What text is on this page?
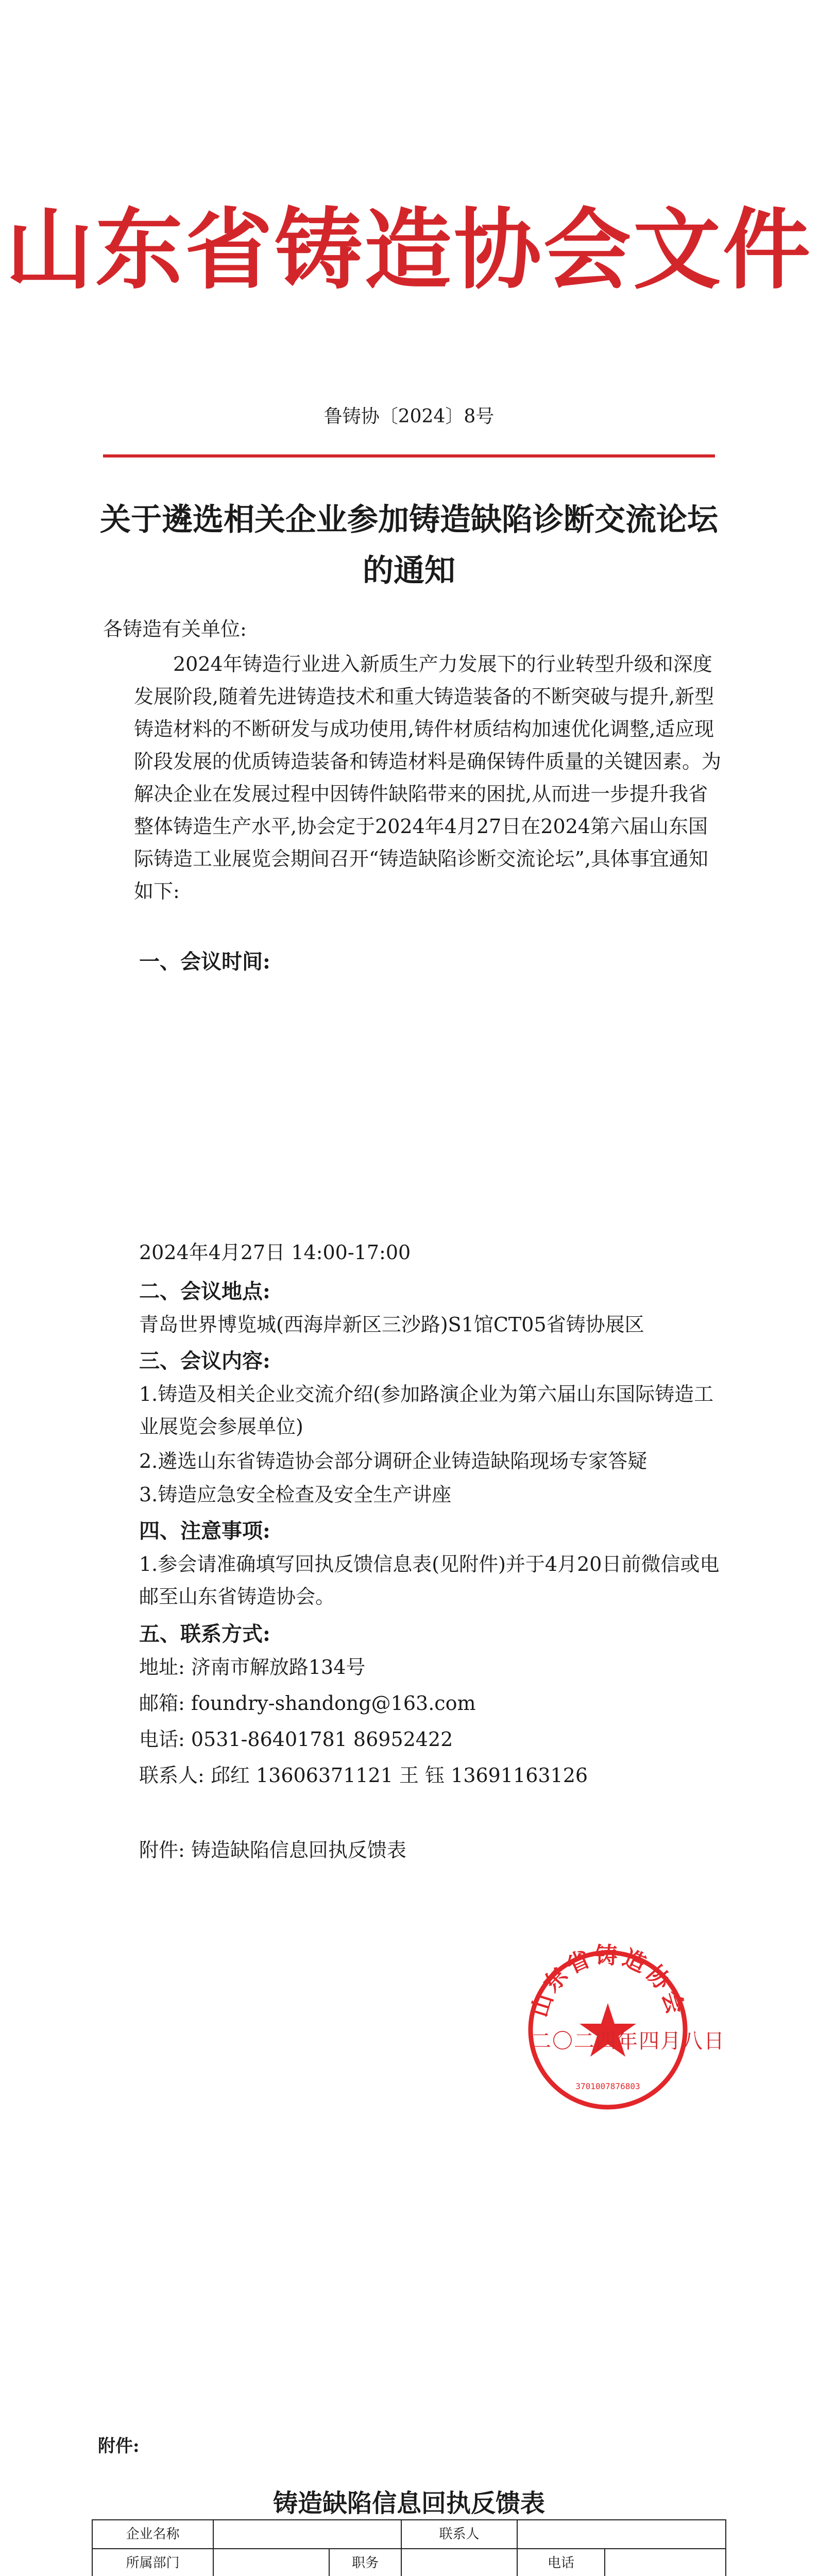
山东省铸造协会文件
鲁铸协〔2024〕8号
关于遴选相关企业参加铸造缺陷诊断交流论坛
的通知
各铸造有关单位:
2024年铸造行业进入新质生产力发展下的行业转型升级和深度发展阶段,随着先进铸造技术和重大铸造装备的不断突破与提升,新型铸造材料的不断研发与成功使用,铸件材质结构加速优化调整,适应现阶段发展的优质铸造装备和铸造材料是确保铸件质量的关键因素。为解决企业在发展过程中因铸件缺陷带来的困扰,从而进一步提升我省整体铸造生产水平,协会定于2024年4月27日在2024第六届山东国际铸造工业展览会期间召开“铸造缺陷诊断交流论坛”,具体事宜通知如下:
一、会议时间:
2024年4月27日 14:00-17:00
二、会议地点:
青岛世界博览城(西海岸新区三沙路)S1馆CT05省铸协展区
三、会议内容:
1.铸造及相关企业交流介绍(参加路演企业为第六届山东国际铸造工业展览会参展单位)
2.遴选山东省铸造协会部分调研企业铸造缺陷现场专家答疑
3.铸造应急安全检查及安全生产讲座
四、注意事项:
1.参会请准确填写回执反馈信息表(见附件)并于4月20日前微信或电邮至山东省铸造协会。
五、联系方式:
地址: 济南市解放路134号
邮箱: foundry-shandong@163.com
电话: 0531-86401781 86952422
联系人: 邱红 13606371121 王 钰 13691163126
附件: 铸造缺陷信息回执反馈表
山东省铸造协会
3701007876803
二〇二四年四月八日
附件:
铸造缺陷信息回执反馈表
企业名称			联系人		
所属部门		职务		电话	
